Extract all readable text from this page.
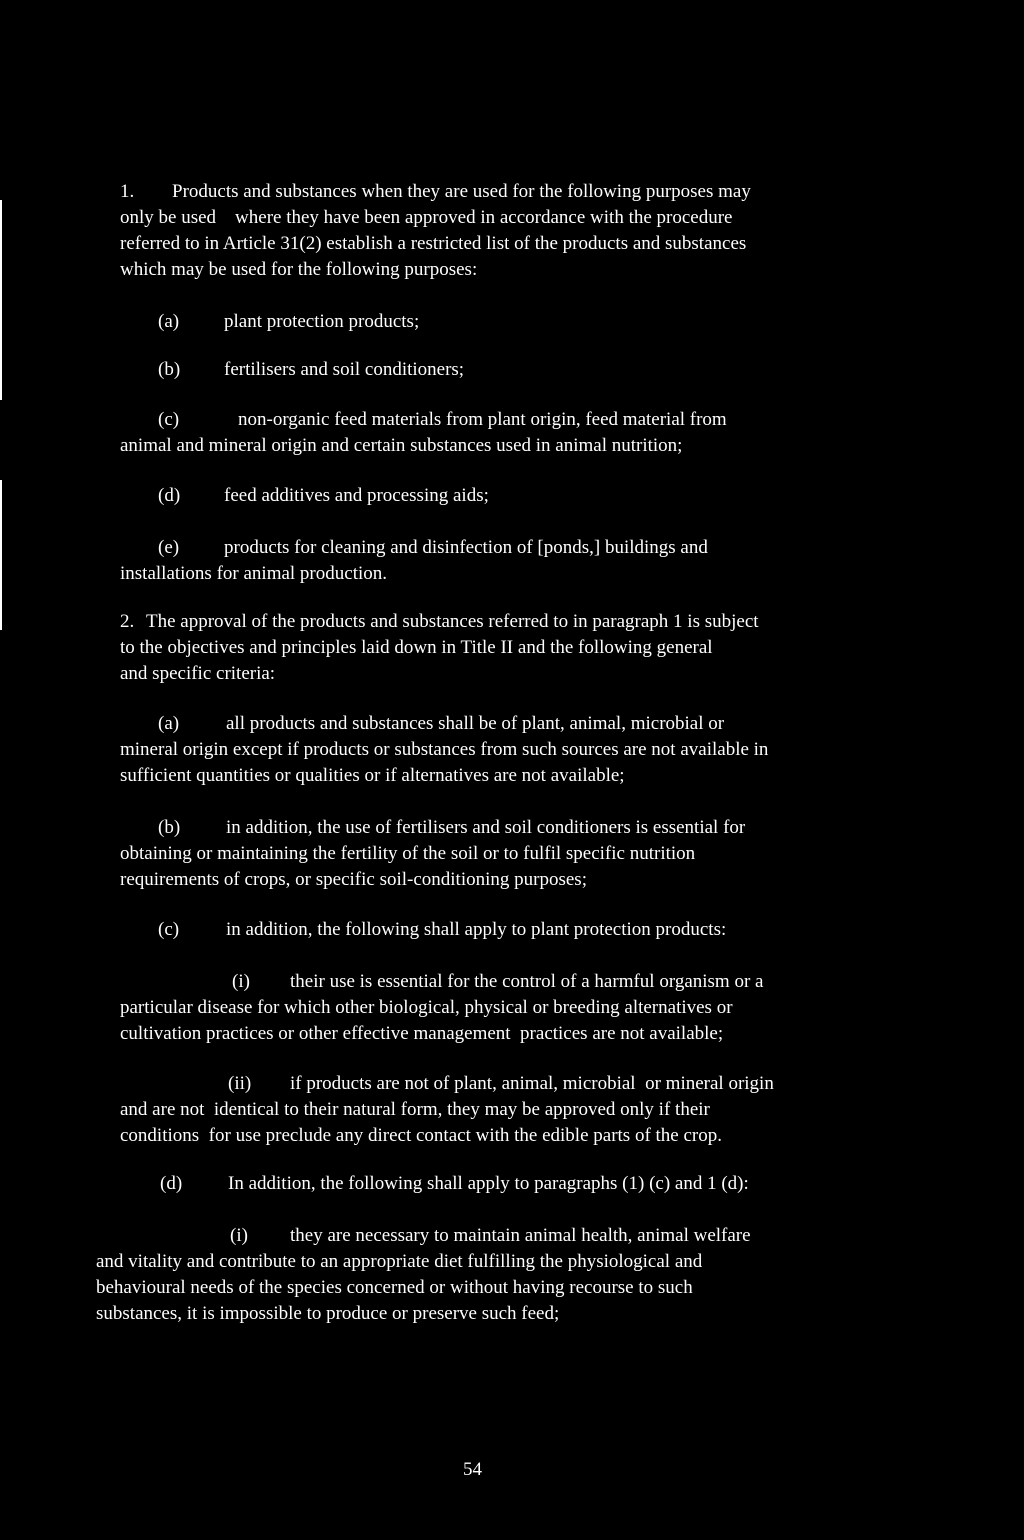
1. Products and substances when they are used for the following purposes may
only be used    where they have been approved in accordance with the procedure
referred to in Article 31(2) establish a restricted list of the products and substances
which may be used for the following purposes:
(a) plant protection products;
(b) fertilisers and soil conditioners;
(c)	non-organic feed materials from plant origin, feed material from
animal and mineral origin and certain substances used in animal nutrition;
(d) feed additives and processing aids;
(e) products for cleaning and disinfection of [ponds,] buildings and
installations for animal production.
2. The approval of the products and substances referred to in paragraph 1 is subject
to the objectives and principles laid down in Title II and the following general
and specific criteria:
(a) all products and substances shall be of plant, animal, microbial or
mineral origin except if products or substances from such sources are not available in
sufficient quantities or qualities or if alternatives are not available;
(b) in addition, the use of fertilisers and soil conditioners is essential for
obtaining or maintaining the fertility of the soil or to fulfil specific nutrition
requirements of crops, or specific soil-conditioning purposes;
(c) in addition, the following shall apply to plant protection products:
(i) their use is essential for the control of a harmful organism or a
particular disease for which other biological, physical or breeding alternatives or
cultivation practices or other effective management  practices are not available;
(ii) if products are not of plant, animal, microbial  or mineral origin
and are not  identical to their natural form, they may be approved only if their
conditions  for use preclude any direct contact with the edible parts of the crop.
(d) In addition, the following shall apply to paragraphs (1) (c) and 1 (d):
(i) they are necessary to maintain animal health, animal welfare
and vitality and contribute to an appropriate diet fulfilling the physiological and
behavioural needs of the species concerned or without having recourse to such
substances, it is impossible to produce or preserve such feed;
54
